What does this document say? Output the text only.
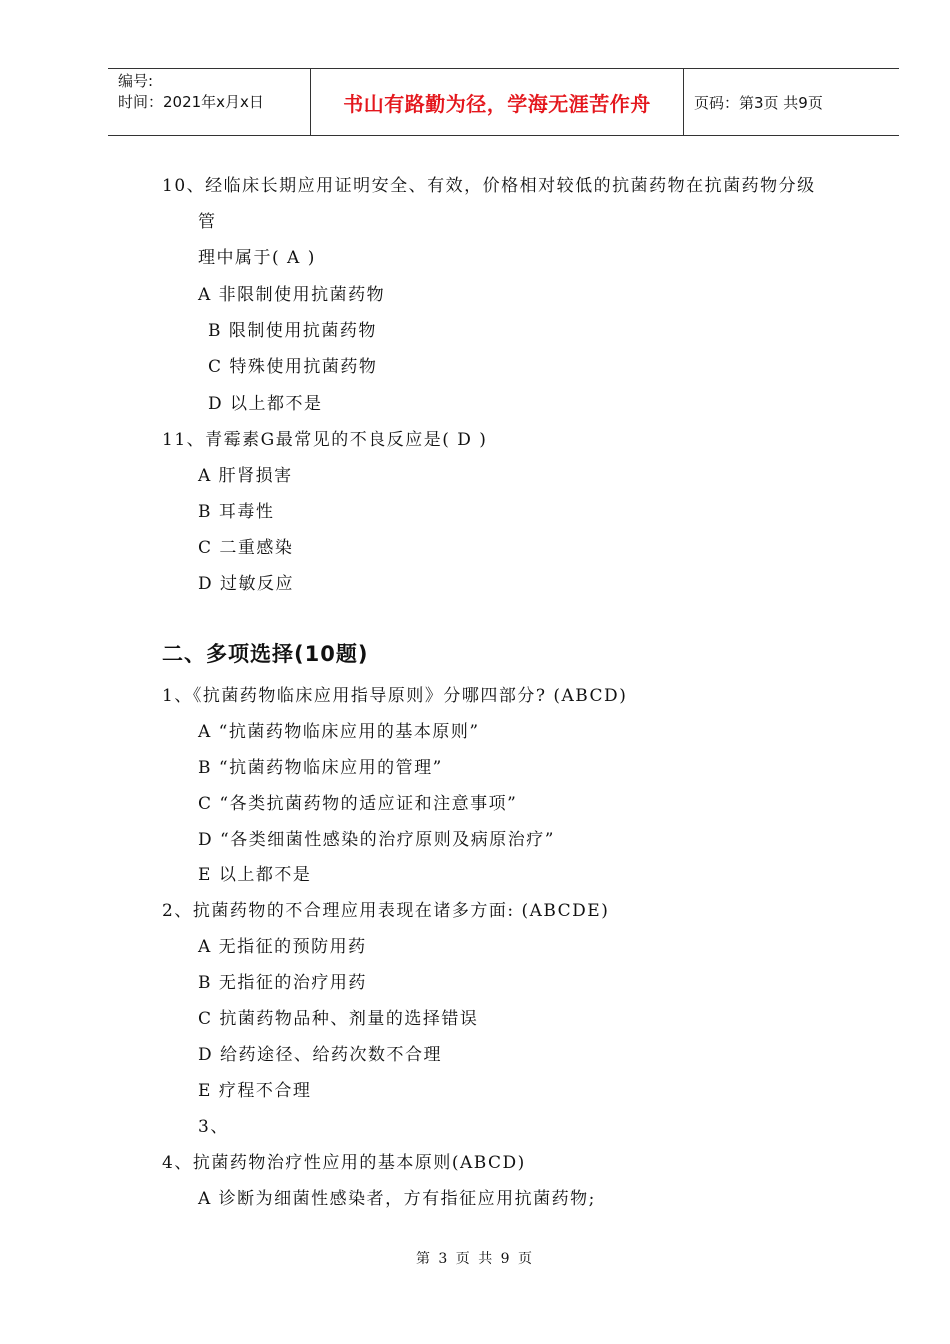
编号:
时间：2021年x月x日	书山有路勤为径，学海无涯苦作舟	页码：第3页 共9页
10、经临床长期应用证明安全、有效，价格相对较低的抗菌药物在抗菌药物分级
管
理中属于( A )
A 非限制使用抗菌药物
B 限制使用抗菌药物
C 特殊使用抗菌药物
D 以上都不是
11、青霉素G最常见的不良反应是( D )
A 肝肾损害
B 耳毒性
C 二重感染
D 过敏反应
二、多项选择(10题)
1、《抗菌药物临床应用指导原则》分哪四部分? (ABCD)
A “抗菌药物临床应用的基本原则”
B “抗菌药物临床应用的管理”
C “各类抗菌药物的适应证和注意事项”
D “各类细菌性感染的治疗原则及病原治疗”
E 以上都不是
2、抗菌药物的不合理应用表现在诸多方面: (ABCDE)
A 无指征的预防用药
B 无指征的治疗用药
C 抗菌药物品种、剂量的选择错误
D 给药途径、给药次数不合理
E 疗程不合理
3、
4、抗菌药物治疗性应用的基本原则(ABCD)
A 诊断为细菌性感染者，方有指征应用抗菌药物;
第 3 页 共 9 页
